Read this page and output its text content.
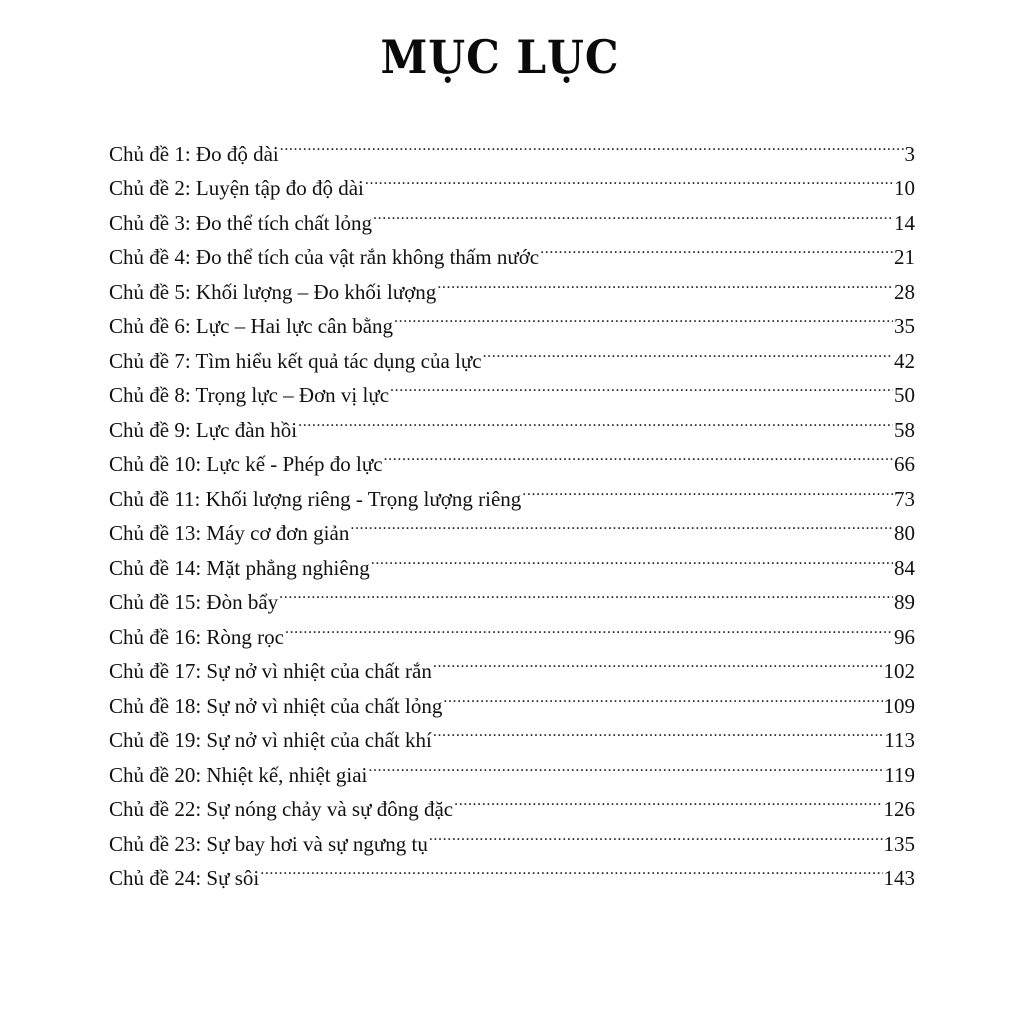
MỤC LỤC
Chủ đề 1: Đo độ dài .....	3
Chủ đề 2: Luyện tập đo độ dài .....	10
Chủ đề 3: Đo thể tích chất lỏng .....	14
Chủ đề 4: Đo thể tích của vật rắn không thấm nước .....	21
Chủ đề 5: Khối lượng – Đo khối lượng .....	28
Chủ đề 6: Lực – Hai lực cân bằng .....	35
Chủ đề 7: Tìm hiểu kết quả tác dụng của lực .....	42
Chủ đề 8: Trọng lực – Đơn vị lực .....	50
Chủ đề 9: Lực đàn hồi .....	58
Chủ đề 10: Lực kế - Phép đo lực .....	66
Chủ đề 11: Khối lượng riêng - Trọng lượng riêng .....	73
Chủ đề 13: Máy cơ đơn giản .....	80
Chủ đề 14: Mặt phẳng nghiêng .....	84
Chủ đề 15: Đòn bẩy .....	89
Chủ đề 16: Ròng rọc .....	96
Chủ đề 17: Sự nở vì nhiệt của chất rắn .....	102
Chủ đề 18: Sự nở vì nhiệt của chất lỏng .....	109
Chủ đề 19: Sự nở vì nhiệt của chất khí .....	113
Chủ đề 20: Nhiệt kế, nhiệt giai .....	119
Chủ đề 22: Sự nóng chảy và sự đông đặc .....	126
Chủ đề 23: Sự bay hơi và sự ngưng tụ .....	135
Chủ đề 24: Sự sôi .....	143
